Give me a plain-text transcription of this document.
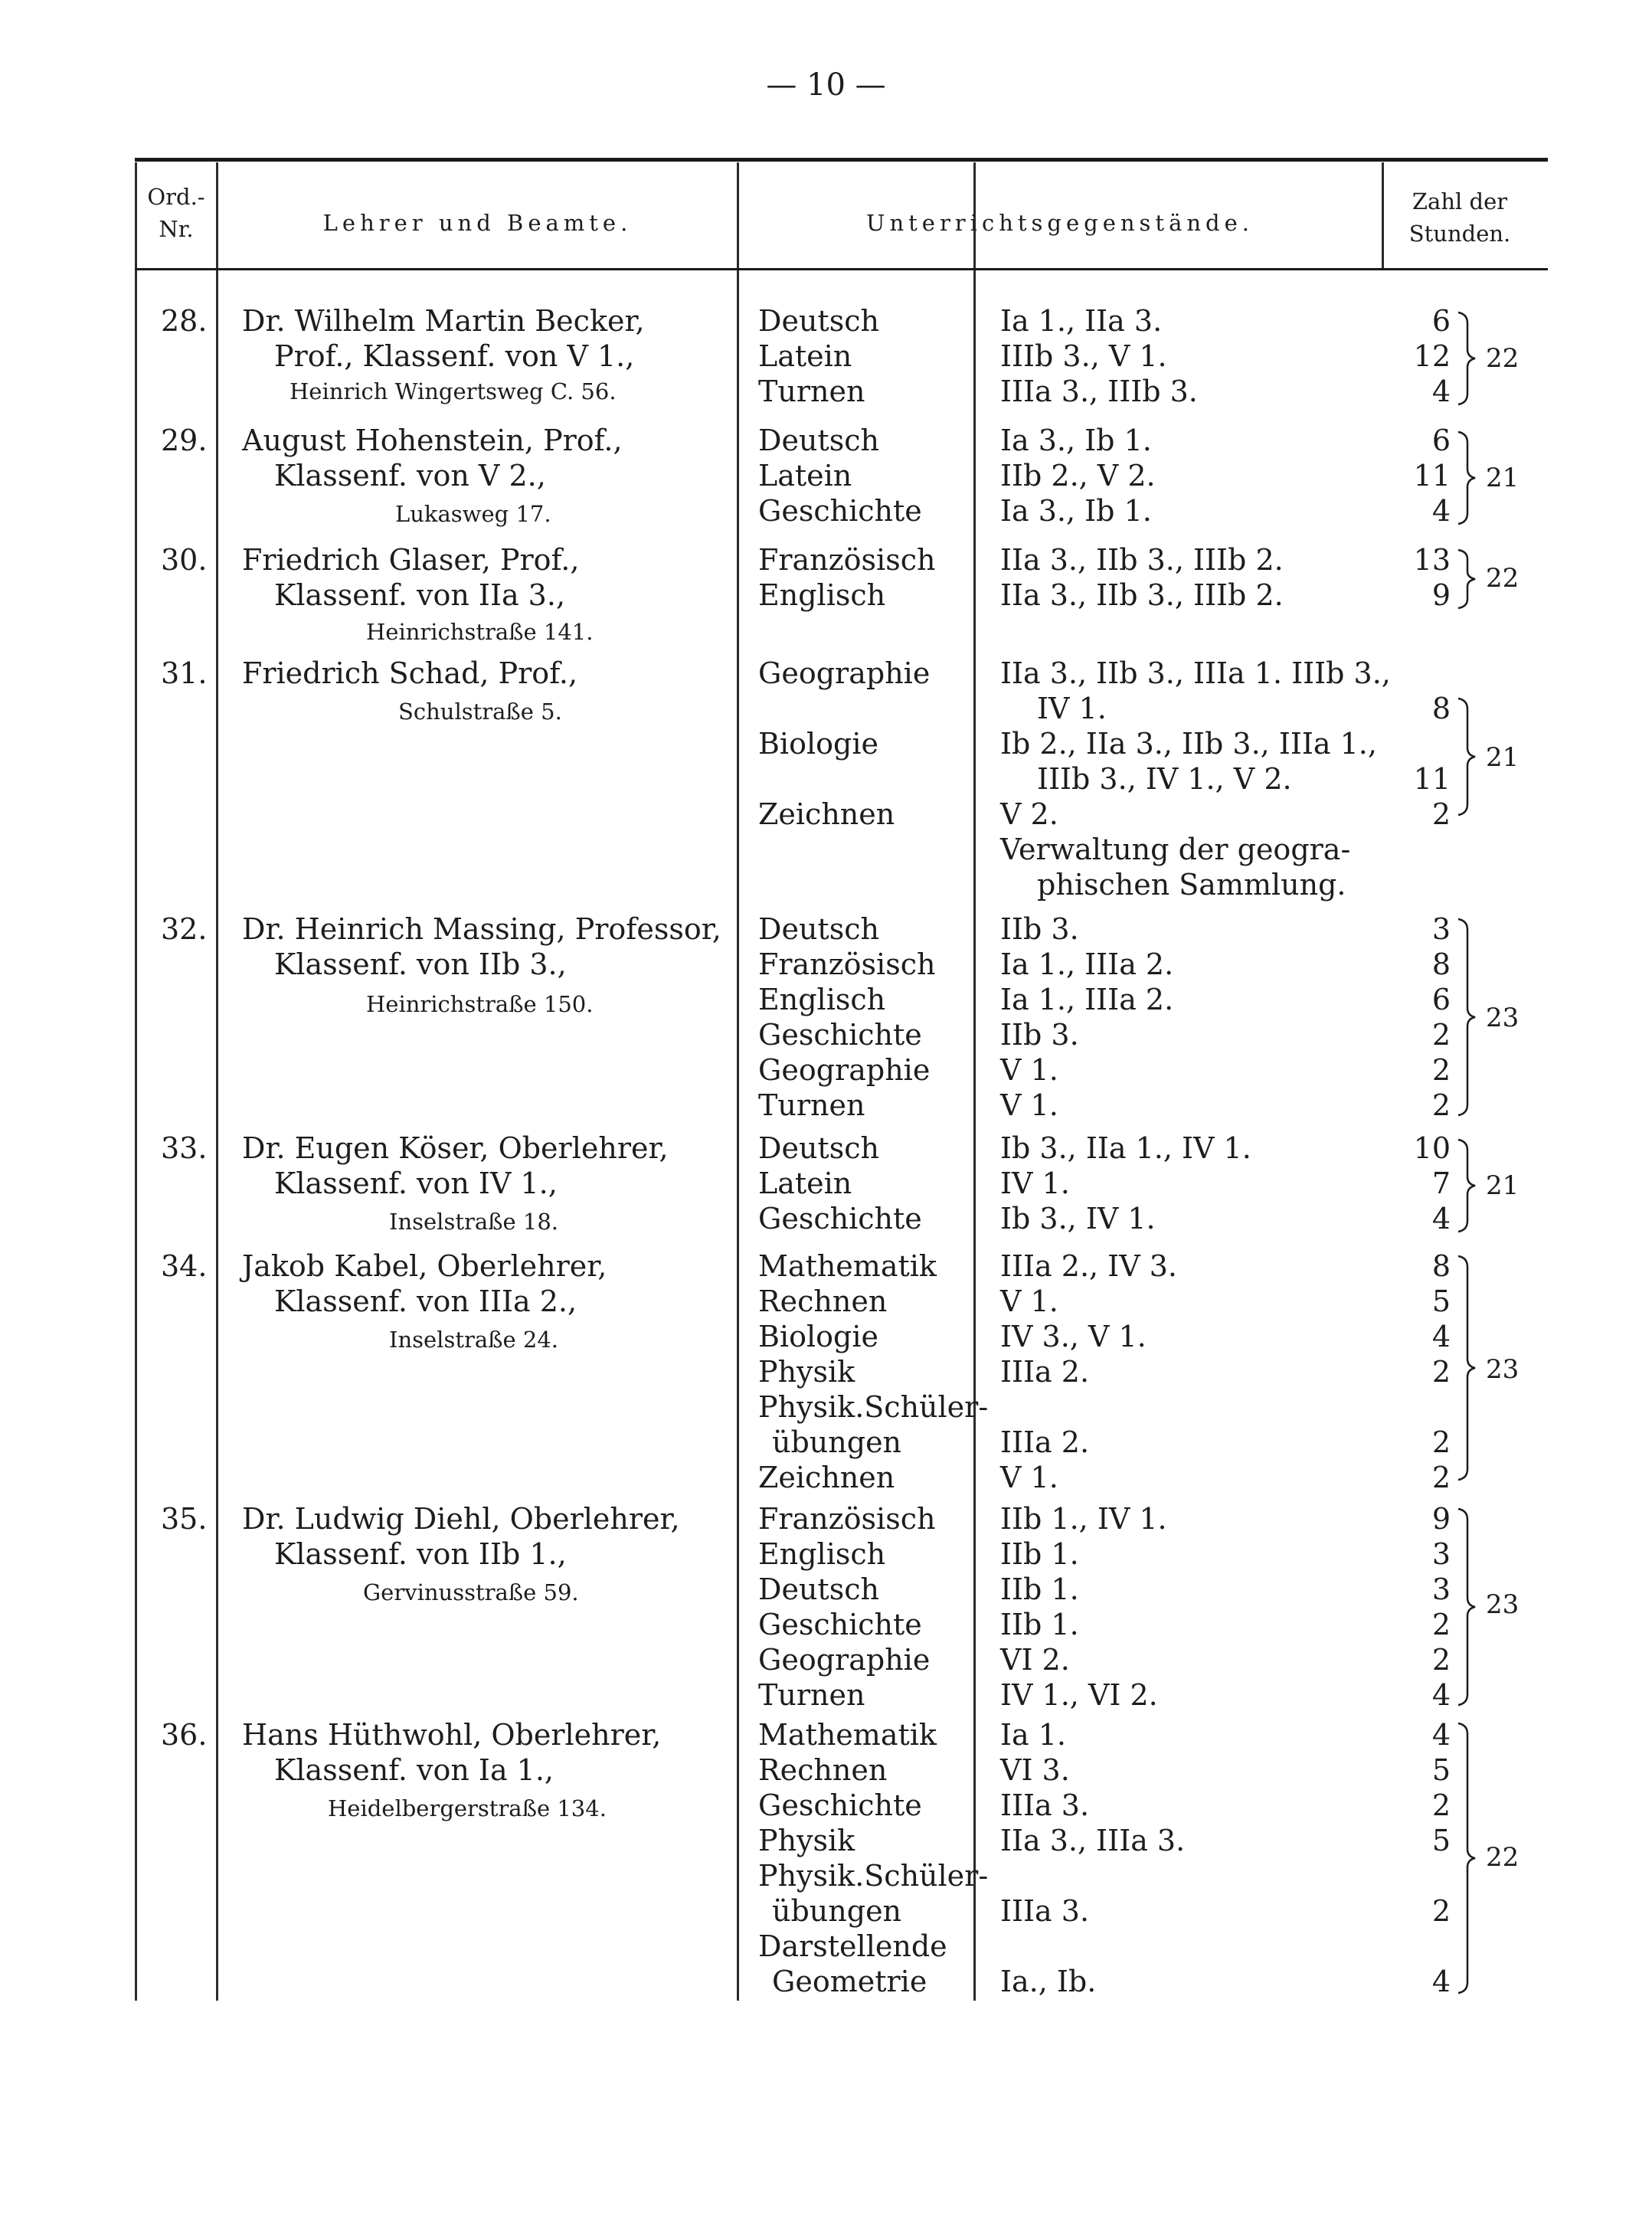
— 10 —
Ord.-
Nr.	Lehrer und Beamte.	Unterrichtsgegenstände.
Zahl der
Stunden.
28. Dr. Wilhelm Martin Becker,
Prof., Klassenf. von V 1.,
Heinrich Wingertsweg C. 56.
Deutsch
Latein
Turnen
Ia 1., IIa 3.
IIIb 3., V 1.
IIIa 3., IIIb 3.
6
12
4
22
29. August Hohenstein, Prof.,
Klassenf. von V 2.,
Lukasweg 17.
Deutsch
Latein
Geschichte
Ia 3., Ib 1.
IIb 2., V 2.
Ia 3., Ib 1.
6
11
4
21
30. Friedrich Glaser, Prof.,
Klassenf. von IIa 3.,
Heinrichstraße 141.
Französisch
Englisch
IIa 3., IIb 3., IIIb 2.
IIa 3., IIb 3., IIIb 2.
13
9 22
31. Friedrich Schad, Prof.,
Schulstraße 5.
Geographie
Biologie
Zeichnen
IIa 3., IIb 3., IIIa 1. IIIb 3.,
IV 1.
Ib 2., IIa 3., IIb 3., IIIa 1.,
IIIb 3., IV 1., V 2.
V 2.
Verwaltung der geogra-
phischen Sammlung.
8
11
2
21
32. Dr. Heinrich Massing, Professor,
Klassenf. von IIb 3.,
Heinrichstraße 150.
Deutsch
Französisch
Englisch
Geschichte
Geographie
Turnen
IIb 3.
Ia 1., IIIa 2.
Ia 1., IIIa 2.
IIb 3.
V 1.
V 1.
3
8
6
2
2
2
23
33. Dr. Eugen Köser, Oberlehrer,
Klassenf. von IV 1.,
Inselstraße 18.
Deutsch
Latein
Geschichte
Ib 3., IIa 1., IV 1.
IV 1.
Ib 3., IV 1.
10
7
4
21
34. Jakob Kabel, Oberlehrer,
Klassenf. von IIIa 2.,
Inselstraße 24.
Mathematik
Rechnen
Biologie
Physik
Physik.Schüler-
übungen
Zeichnen
IIIa 2., IV 3.
V 1.
IV 3., V 1.
IIIa 2.
IIIa 2.
V 1.
8
5
4
2
2
2
23
35. Dr. Ludwig Diehl, Oberlehrer,
Klassenf. von IIb 1.,
Gervinusstraße 59.
Französisch
Englisch
Deutsch
Geschichte
Geographie
Turnen
IIb 1., IV 1.
IIb 1.
IIb 1.
IIb 1.
VI 2.
IV 1., VI 2.
9
3
3
2
2
4
23
36. Hans Hüthwohl, Oberlehrer,
Klassenf. von Ia 1.,
Heidelbergerstraße 134.
Mathematik
Rechnen
Geschichte
Physik
Physik.Schüler-
übungen
Darstellende
Geometrie
Ia 1.
VI 3.
IIIa 3.
IIa 3., IIIa 3.
IIIa 3.
Ia., Ib.
4
5
2
5
2
4
22
